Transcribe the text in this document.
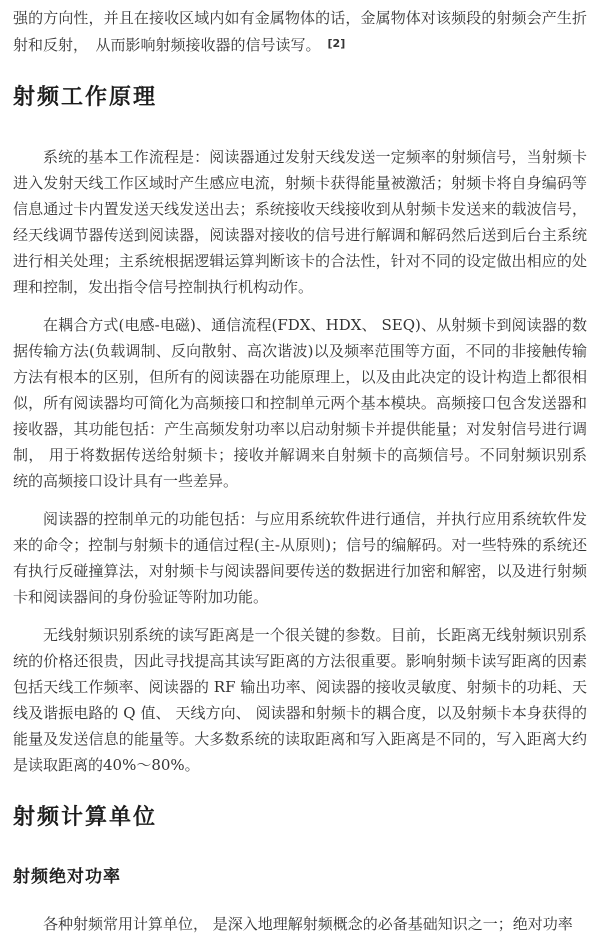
强的方向性，并且在接收区域内如有金属物体的话，金属物体对该频段的射频会产生折射和反射，　从而影响射频接收器的信号读写。 [2]

射频工作原理

系统的基本工作流程是：阅读器通过发射天线发送一定频率的射频信号，当射频卡进入发射天线工作区域时产生感应电流，射频卡获得能量被激活；射频卡将自身编码等信息通过卡内置发送天线发送出去；系统接收天线接收到从射频卡发送来的载波信号，经天线调节器传送到阅读器，阅读器对接收的信号进行解调和解码然后送到后台主系统进行相关处理；主系统根据逻辑运算判断该卡的合法性，针对不同的设定做出相应的处理和控制，发出指令信号控制执行机构动作。

在耦合方式(电感-电磁)、通信流程(FDX、HDX、 SEQ)、从射频卡到阅读器的数据传输方法(负载调制、反向散射、高次谐波)以及频率范围等方面，不同的非接触传输方法有根本的区别，但所有的阅读器在功能原理上，以及由此决定的设计构造上都很相似，所有阅读器均可简化为高频接口和控制单元两个基本模块。高频接口包含发送器和接收器，其功能包括：产生高频发射功率以启动射频卡并提供能量；对发射信号进行调制， 用于将数据传送给射频卡；接收并解调来自射频卡的高频信号。不同射频识别系统的高频接口设计具有一些差异。

阅读器的控制单元的功能包括：与应用系统软件进行通信，并执行应用系统软件发来的命令；控制与射频卡的通信过程(主-从原则)；信号的编解码。对一些特殊的系统还有执行反碰撞算法，对射频卡与阅读器间要传送的数据进行加密和解密，以及进行射频卡和阅读器间的身份验证等附加功能。

无线射频识别系统的读写距离是一个很关键的参数。目前，长距离无线射频识别系统的价格还很贵，因此寻找提高其读写距离的方法很重要。影响射频卡读写距离的因素包括天线工作频率、阅读器的 RF 输出功率、阅读器的接收灵敏度、射频卡的功耗、天线及谐振电路的 Q 值、 天线方向、 阅读器和射频卡的耦合度，以及射频卡本身获得的能量及发送信息的能量等。大多数系统的读取距离和写入距离是不同的，写入距离大约是读取距离的40%～80%。

射频计算单位
射频绝对功率

各种射频常用计算单位， 是深入地理解射频概念的必备基础知识之一；绝对功率
